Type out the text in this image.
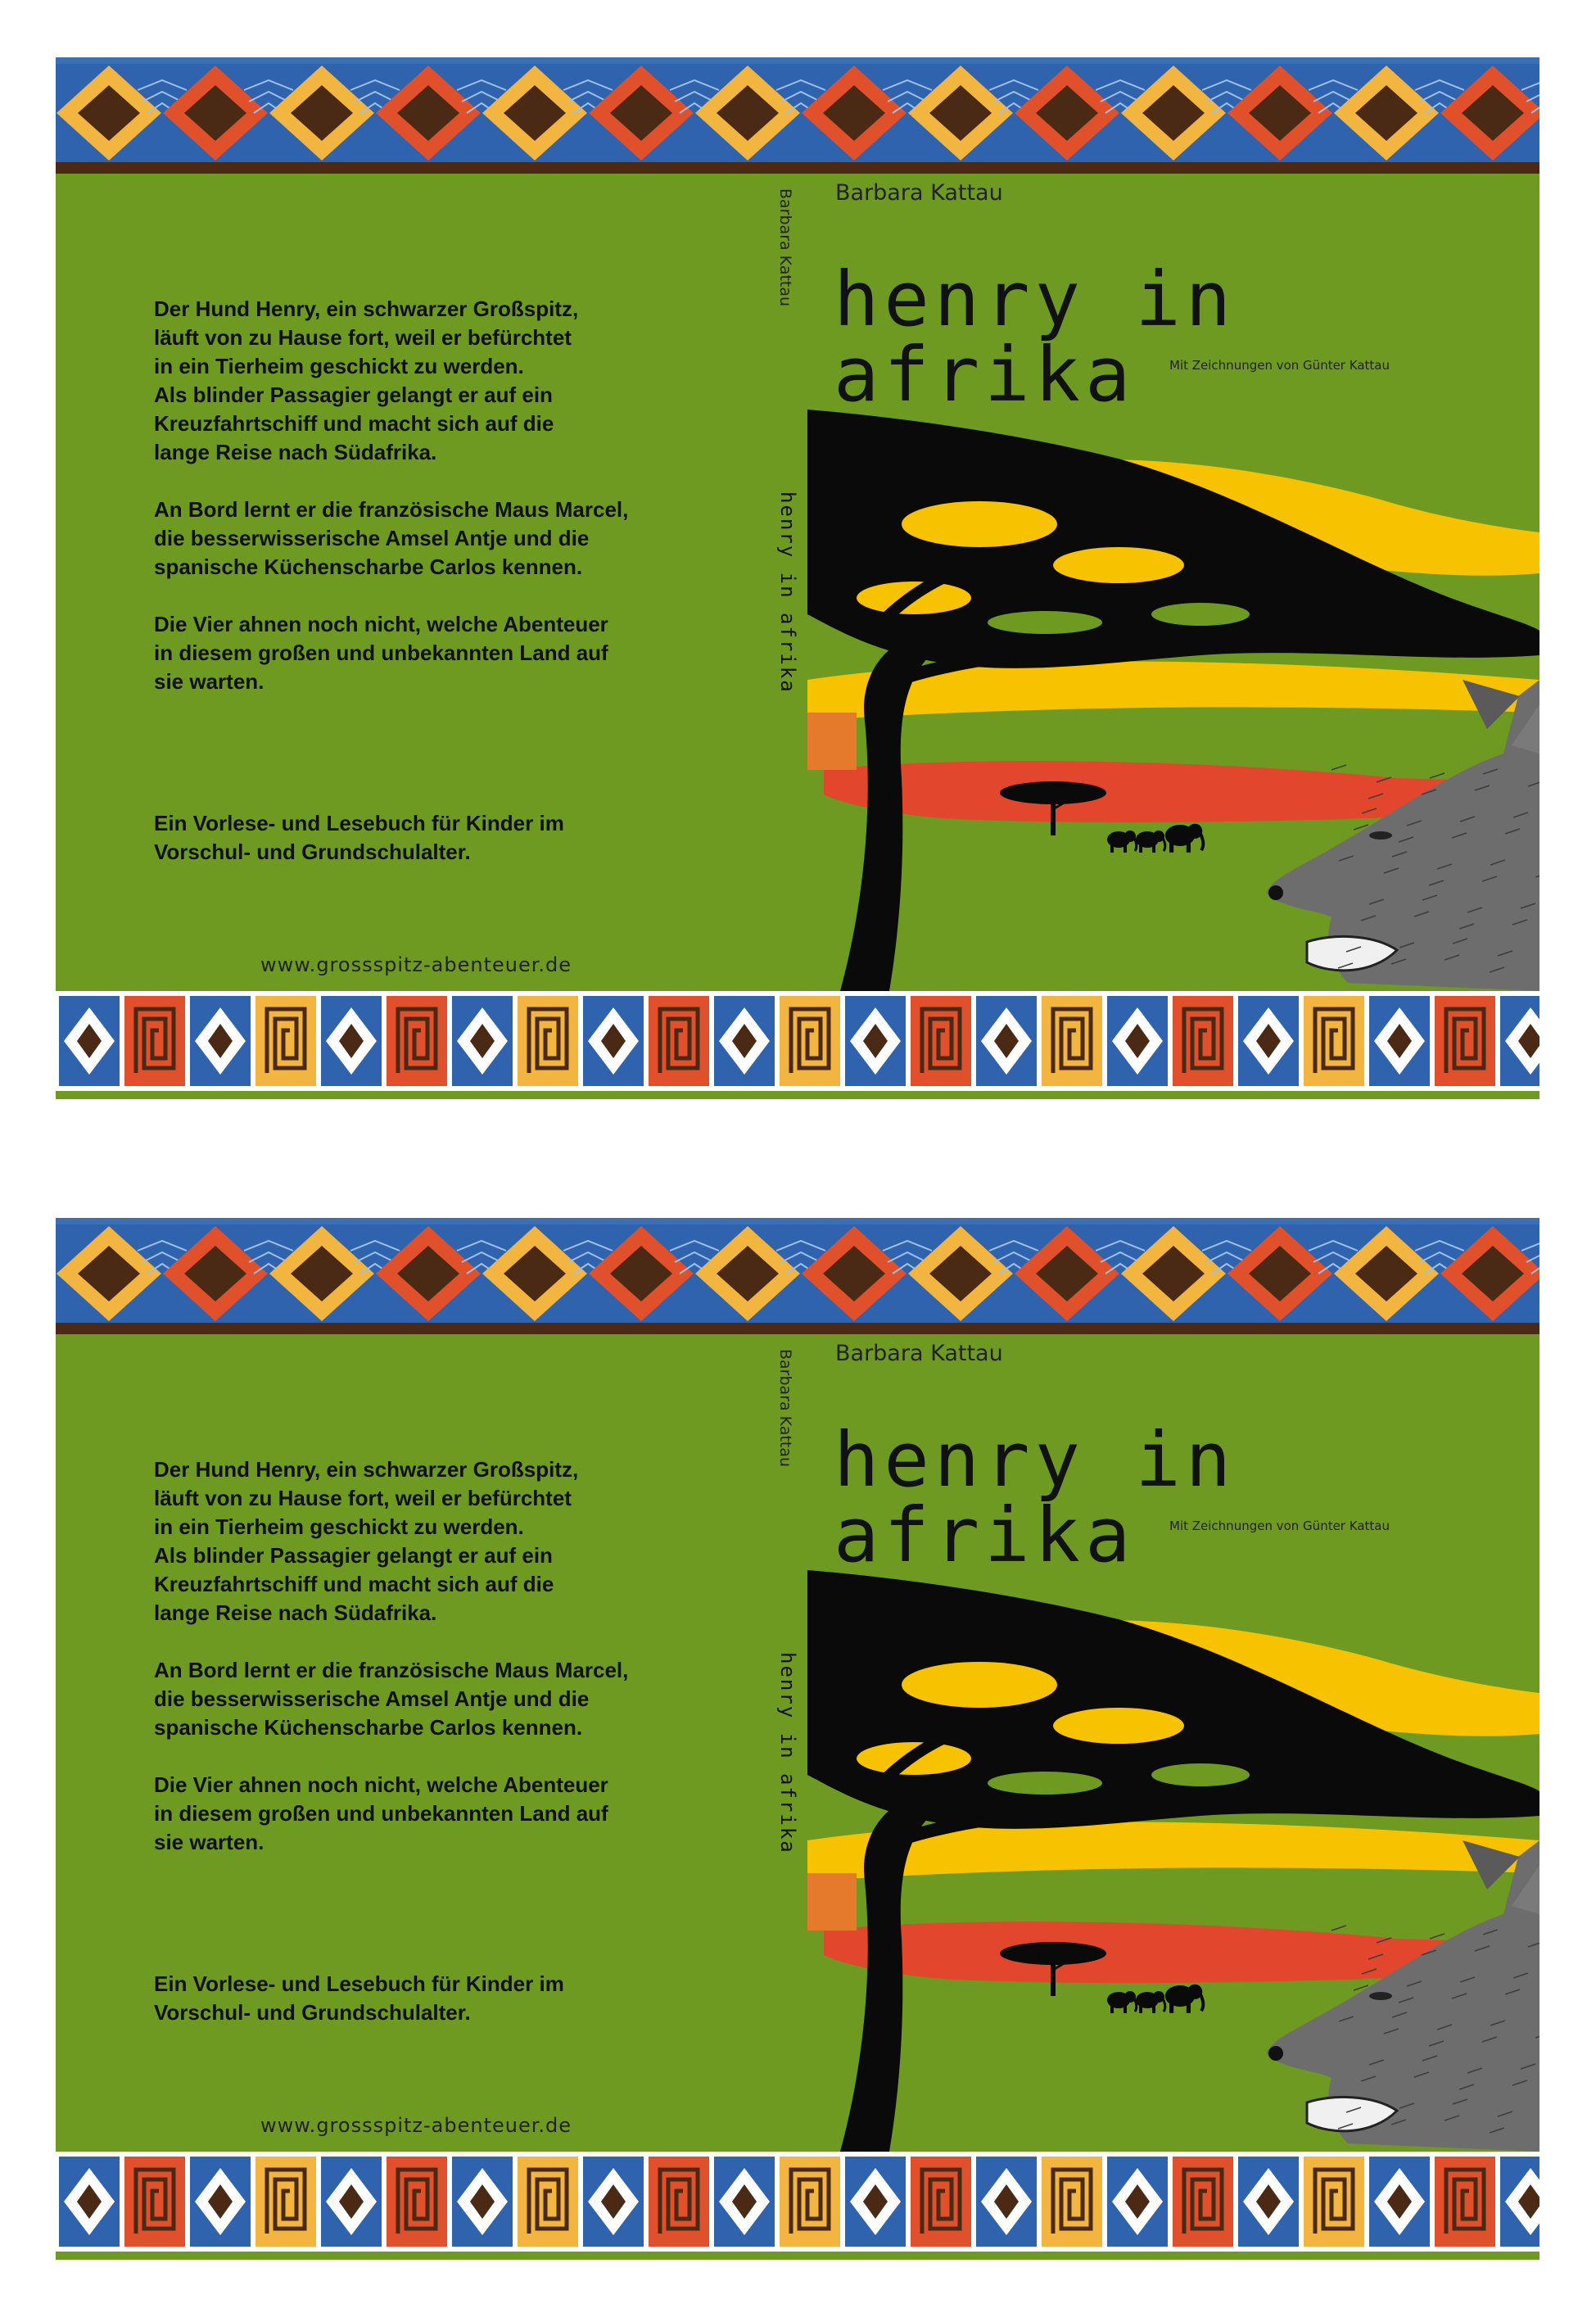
Der Hund Henry, ein schwarzer Großspitz,
läuft von zu Hause fort, weil er befürchtet
in ein Tierheim geschickt zu werden.
Als blinder Passagier gelangt er auf ein
Kreuzfahrtschiff und macht sich auf die
lange Reise nach Südafrika.

An Bord lernt er die französische Maus Marcel,
die besserwisserische Amsel Antje und die
spanische Küchenscharbe Carlos kennen.

Die Vier ahnen noch nicht, welche Abenteuer
in diesem großen und unbekannten Land auf
sie warten.

Ein Vorlese- und Lesebuch für Kinder im
Vorschul- und Grundschulalter.
www.grossspitz-abenteuer.de
Barbara Kattau
henry in afrika
Barbara Kattau
henry in afrika	Mit Zeichnungen von Günter Kattau

Der Hund Henry, ein schwarzer Großspitz,
läuft von zu Hause fort, weil er befürchtet
in ein Tierheim geschickt zu werden.
Als blinder Passagier gelangt er auf ein
Kreuzfahrtschiff und macht sich auf die
lange Reise nach Südafrika.

An Bord lernt er die französische Maus Marcel,
die besserwisserische Amsel Antje und die
spanische Küchenscharbe Carlos kennen.

Die Vier ahnen noch nicht, welche Abenteuer
in diesem großen und unbekannten Land auf
sie warten.

Ein Vorlese- und Lesebuch für Kinder im
Vorschul- und Grundschulalter.
www.grossspitz-abenteuer.de
Barbara Kattau
henry in afrika
Barbara Kattau
henry in afrika	Mit Zeichnungen von Günter Kattau
